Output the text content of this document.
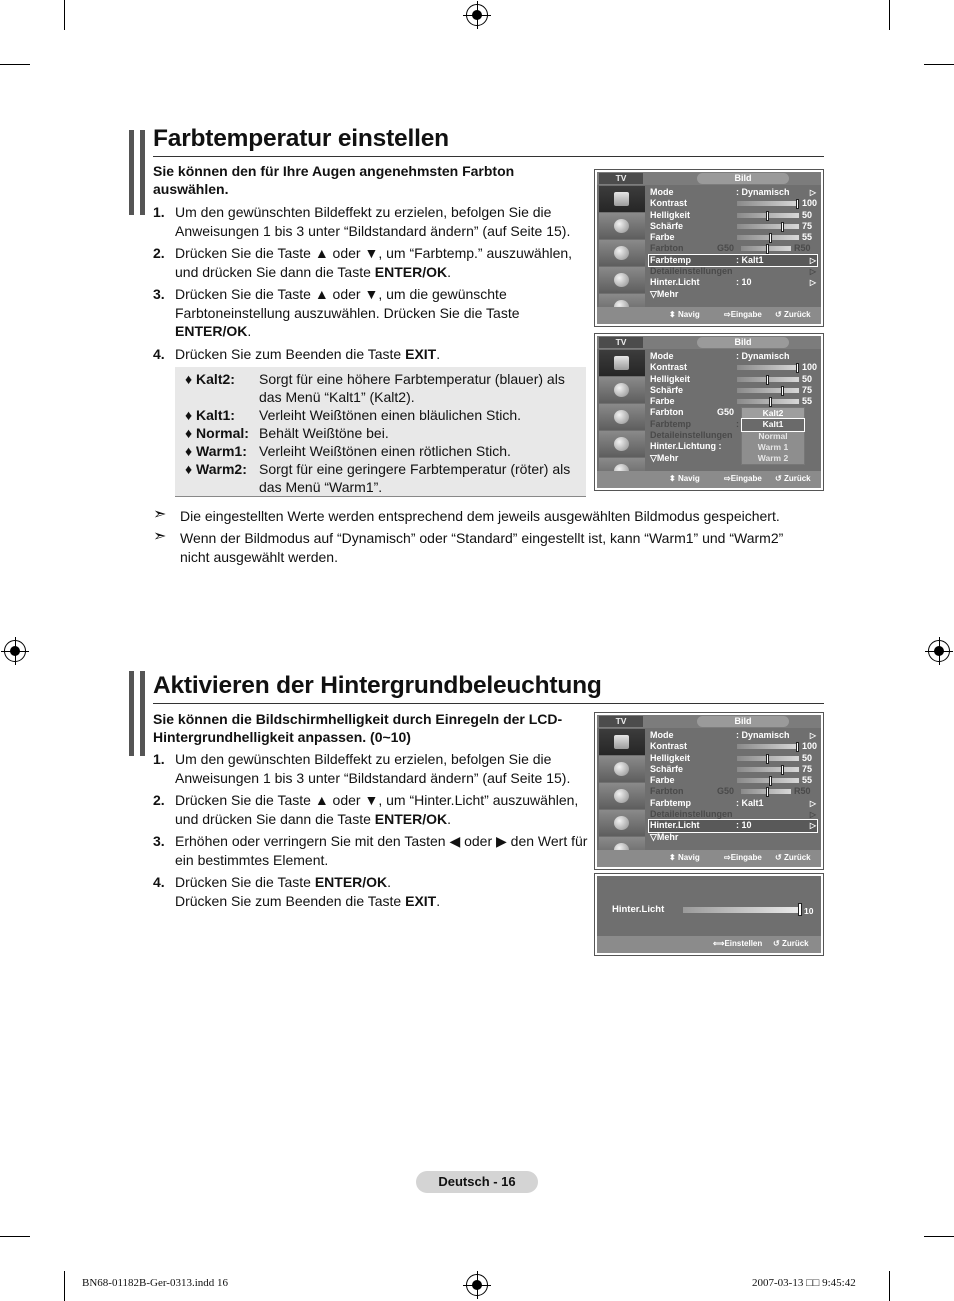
Farbtemperatur einstellen

Sie können den für Ihre Augen angenehmsten Farbton auswählen.

1. Um den gewünschten Bildeffekt zu erzielen, befolgen Sie die Anweisungen 1 bis 3 unter “Bildstandard ändern” (auf Seite 15).
2. Drücken Sie die Taste ▲ oder ▼, um “Farbtemp.” auszuwählen, und drücken Sie dann die Taste ENTER/OK.
3. Drücken Sie die Taste ▲ oder ▼, um die gewünschte Farbtoneinstellung auszuwählen. Drücken Sie die Taste ENTER/OK.
4. Drücken Sie zum Beenden die Taste EXIT.
♦ Kalt2:	Sorgt für eine höhere Farbtemperatur (blauer) als das Menü “Kalt1” (Kalt2).
♦ Kalt1:	Verleiht Weißtönen einen bläulichen Stich.
♦ Normal: Behält Weißtöne bei.
♦ Warm1: Verleiht Weißtönen einen rötlichen Stich.
♦ Warm2: Sorgt für eine geringere Farbtemperatur (röter) als das Menü “Warm1”.
➣ Die eingestellten Werte werden entsprechend dem jeweils ausgewählten Bildmodus gespeichert.
➣ Wenn der Bildmodus auf “Dynamisch” oder “Standard” eingestellt ist, kann “Warm1” und “Warm2” nicht ausgewählt werden.
TV	Bild
Mode	: Dynamisch	▷
Kontrast	100
Helligkeit	50
Schärfe	75
Farbe	55
Farbton	G50	R50
Farbtemp	: Kalt1	▷
Detaileinstellungen	▷
Hinter.Licht	: 10	▷
▽Mehr
⬍ Navig	⇨Eingabe ↺ Zurück
TV	Bild
Mode	: Dynamisch
Kontrast	100
Helligkeit	50
Schärfe	75
Farbe	55
Farbton	G50
Farbtemp	:
Detaileinstellungen
Hinter.Lichtung :
▽Mehr
Kalt2
Kalt1
Normal
Warm 1
Warm 2
⬍ Navig	⇨Eingabe ↺ Zurück
Aktivieren der Hintergrundbeleuchtung

Sie können die Bildschirmhelligkeit durch Einregeln der LCD-Hintergrundhelligkeit anpassen. (0~10)

1. Um den gewünschten Bildeffekt zu erzielen, befolgen Sie die Anweisungen 1 bis 3 unter “Bildstandard ändern” (auf Seite 15).
2. Drücken Sie die Taste ▲ oder ▼, um “Hinter.Licht” auszuwählen, und drücken Sie dann die Taste ENTER/OK.
3. Erhöhen oder verringern Sie mit den Tasten ◀ oder ▶ den Wert für ein bestimmtes Element.
4. Drücken Sie die Taste ENTER/OK.
Drücken Sie zum Beenden die Taste EXIT.
TV	Bild
Mode	: Dynamisch	▷
Kontrast	100
Helligkeit	50
Schärfe	75
Farbe	55
Farbton	G50	R50
Farbtemp	: Kalt1	▷
Detaileinstellungen	▷
Hinter.Licht	: 10	▷
▽Mehr
⬍ Navig	⇨Eingabe ↺ Zurück
Hinter.Licht	10
⟺Einstellen ↺ Zurück
Deutsch - 16
BN68-01182B-Ger-0313.indd 16	2007-03-13 □□ 9:45:42
